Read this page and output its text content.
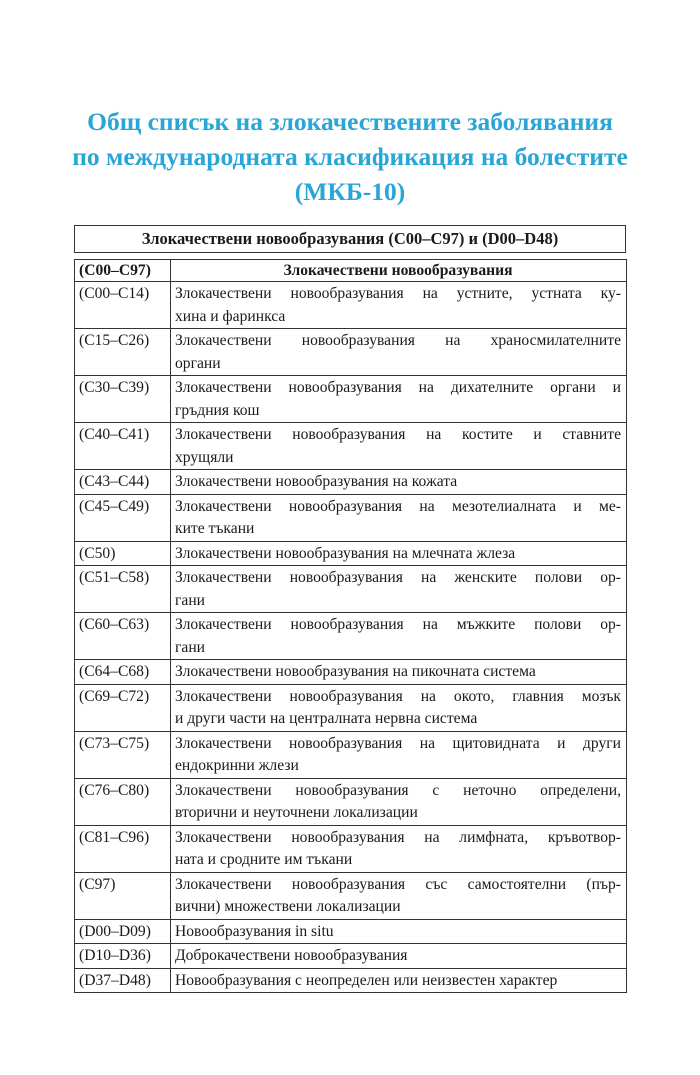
Общ списък на злокачествените заболявания
по международната класификация на болестите
(МКБ-10)
Злокачествени новообразувания (C00–C97) и (D00–D48)
(C00–C97)	Злокачествени новообразувания
(C00–C14)	Злокачествени новообразувания на устните, устната ку-
хина и фаринкса

(C15–C26)	Злокачествени новообразувания на храносмилателните
органи

(C30–C39)	Злокачествени новообразувания на дихателните органи и
гръдния кош

(C40–C41)	Злокачествени новообразувания на костите и ставните
хрущяли

(C43–C44)	Злокачествени новообразувания на кожата

(C45–C49)	Злокачествени новообразувания на мезотелиалната и ме-
ките тъкани

(C50)	Злокачествени новообразувания на млечната жлеза

(C51–C58)	Злокачествени новообразувания на женските полови ор-
гани

(C60–C63)	Злокачествени новообразувания на мъжките полови ор-
гани

(C64–C68)	Злокачествени новообразувания на пикочната система

(C69–C72)	Злокачествени новообразувания на окото, главния мозък
и други части на централната нервна система

(C73–C75)	Злокачествени новообразувания на щитовидната и други
ендокринни жлези

(C76–C80)	Злокачествени новообразувания с неточно определени,
вторични и неуточнени локализации

(C81–C96)	Злокачествени новообразувания на лимфната, кръвотвор-
ната и сродните им тъкани

(C97)	Злокачествени новообразувания със самостоятелни (пър-
вични) множествени локализации

(D00–D09)	Новообразувания in situ

(D10–D36)	Доброкачествени новообразувания

(D37–D48)	Новообразувания с неопределен или неизвестен характер
